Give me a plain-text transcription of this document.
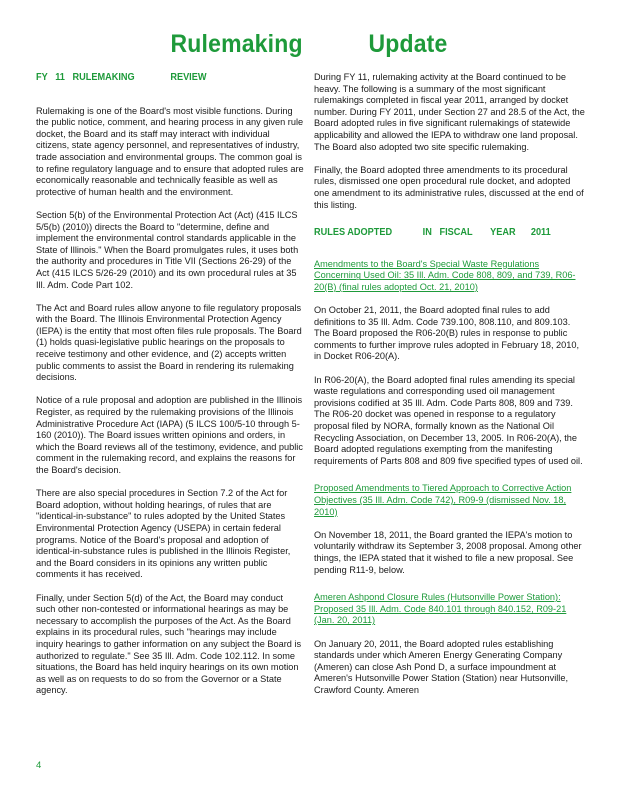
Rulemaking          Update
FY   11   RULEMAKING              REVIEW

Rulemaking is one of the Board's most visible functions. During the public notice, comment, and hearing process in any given rule docket, the Board and its staff may interact with individual citizens, state agency personnel, and representatives of industry, trade association and environmental groups. The common goal is to refine regulatory language and to ensure that adopted rules are economically reasonable and technically feasible as well as protective of human health and the environment.

Section 5(b) of the Environmental Protection Act (Act) (415 ILCS 5/5(b) (2010)) directs the Board to "determine, define and implement the environmental control standards applicable in the State of Illinois." When the Board promulgates rules, it uses both the authority and procedures in Title VII (Sections 26-29) of the Act (415 ILCS 5/26-29 (2010) and its own procedural rules at 35 Ill. Adm. Code Part 102.

The Act and Board rules allow anyone to file regulatory proposals with the Board. The Illinois Environmental Protection Agency (IEPA) is the entity that most often files rule proposals. The Board (1) holds quasi-legislative public hearings on the proposals to receive testimony and other evidence, and (2) accepts written public comments to assist the Board in rendering its rulemaking decisions.

Notice of a rule proposal and adoption are published in the Illinois Register, as required by the rulemaking provisions of the Illinois Administrative Procedure Act (IAPA) (5 ILCS 100/5-10 through 5-160 (2010)). The Board issues written opinions and orders, in which the Board reviews all of the testimony, evidence, and public comment in the rulemaking record, and explains the reasons for the Board's decision.

There are also special procedures in Section 7.2 of the Act for Board adoption, without holding hearings, of rules that are "identical-in-substance" to rules adopted by the United States Environmental Protection Agency (USEPA) in certain federal programs. Notice of the Board's proposal and adoption of identical-in-substance rules is published in the Illinois Register, and the Board considers in its opinions any written public comments it has received.

Finally, under Section 5(d) of the Act, the Board may conduct such other non-contested or informational hearings as may be necessary to accomplish the purposes of the Act. As the Board explains in its procedural rules, such "hearings may include inquiry hearings to gather information on any subject the Board is authorized to regulate." See 35 Ill. Adm. Code 102.112. In some situations, the Board has held inquiry hearings on its own motion as well as on requests to do so from the Governor or a State agency.

During FY 11, rulemaking activity at the Board continued to be heavy. The following is a summary of the most significant rulemakings completed in fiscal year 2011, arranged by docket number. During FY 2011, under Section 27 and 28.5 of the Act, the Board adopted rules in five significant rulemakings of statewide applicability and allowed the IEPA to withdraw one land proposal. The Board also adopted two site specific rulemaking.

Finally, the Board adopted three amendments to its procedural rules, dismissed one open procedural rule docket, and adopted one amendment to its administrative rules, discussed at the end of this listing.

RULES ADOPTED            IN   FISCAL       YEAR      2011

Amendments to the Board's Special Waste Regulations Concerning Used Oil: 35 Ill. Adm. Code 808, 809, and 739, R06-20(B) (final rules adopted Oct. 21, 2010)

On October 21, 2011, the Board adopted final rules to add definitions to 35 Ill. Adm. Code 739.100, 808.110, and 809.103. The Board proposed the R06-20(B) rules in response to public comments to further improve rules adopted in February 18, 2010, in Docket R06-20(A).

In R06-20(A), the Board adopted final rules amending its special waste regulations and corresponding used oil management provisions codified at 35 Ill. Adm. Code Parts 808, 809 and 739. The R06-20 docket was opened in response to a regulatory proposal filed by NORA, formally known as the National Oil Recycling Association, on December 13, 2005. In R06-20(A), the Board adopted regulations exempting from the manifesting requirements of Parts 808 and 809 five specified types of used oil.

Proposed Amendments to Tiered Approach to Corrective Action Objectives (35 Ill. Adm. Code 742), R09-9 (dismissed Nov. 18, 2010)

On November 18, 2011, the Board granted the IEPA's motion to voluntarily withdraw its September 3, 2008 proposal. Among other things, the IEPA stated that it wished to file a new proposal. See pending R11-9, below.

Ameren Ashpond Closure Rules (Hutsonville Power Station): Proposed 35 Ill. Adm. Code 840.101 through 840.152, R09-21 (Jan. 20, 2011)

On January 20, 2011, the Board adopted rules establishing standards under which Ameren Energy Generating Company (Ameren) can close Ash Pond D, a surface impoundment at Ameren's Hutsonville Power Station (Station) near Hutsonville, Crawford County. Ameren

4
